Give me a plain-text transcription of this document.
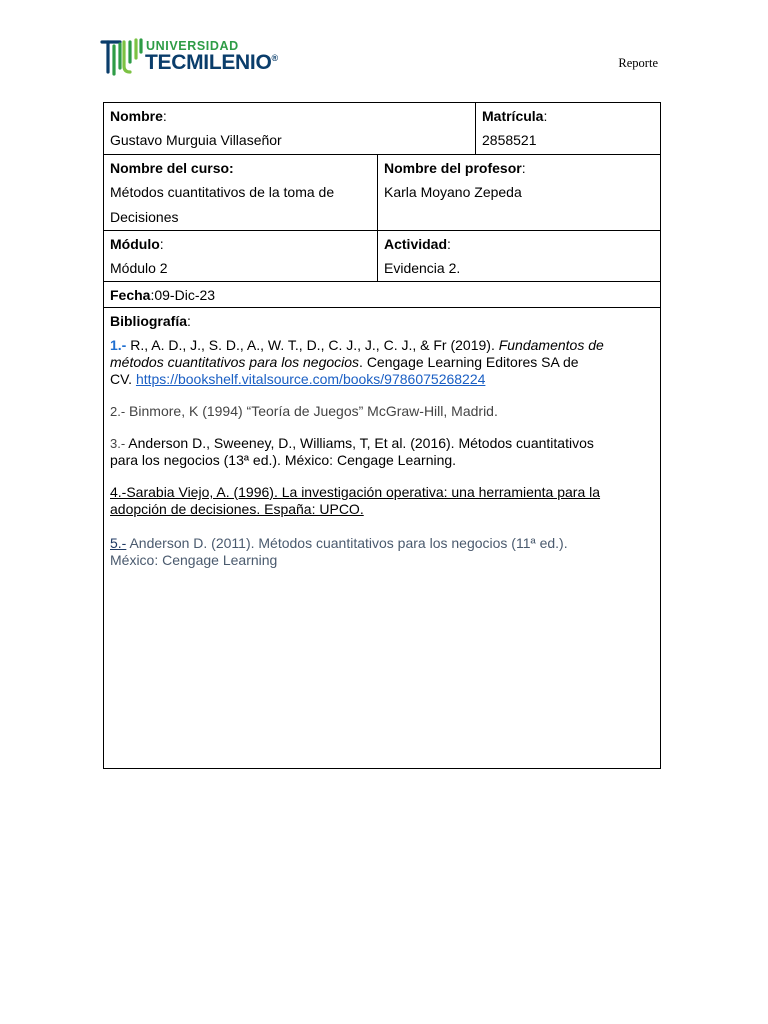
UNIVERSIDAD
TECMILENIO®	Reporte
Nombre:
Gustavo Murguia Villaseñor
Matrícula:
2858521
Nombre del curso:
Métodos cuantitativos de la toma de Decisiones
Nombre del profesor:
Karla Moyano Zepeda
Módulo:
Módulo 2
Actividad:
Evidencia 2.
Fecha:09-Dic-23
Bibliografía:
1.- R., A. D., J., S. D., A., W. T., D., C. J., J., C. J., & Fr (2019). Fundamentos de métodos cuantitativos para los negocios. Cengage Learning Editores SA de CV. https://bookshelf.vitalsource.com/books/9786075268224
2.- Binmore, K (1994) “Teoría de Juegos” McGraw-Hill, Madrid.
3.- Anderson D., Sweeney, D., Williams, T, Et al. (2016). Métodos cuantitativos para los negocios (13ª ed.). México: Cengage Learning.
4.-Sarabia Viejo, A. (1996). La investigación operativa: una herramienta para la adopción de decisiones. España: UPCO.
5.- Anderson D. (2011). Métodos cuantitativos para los negocios (11ª ed.). México: Cengage Learning
